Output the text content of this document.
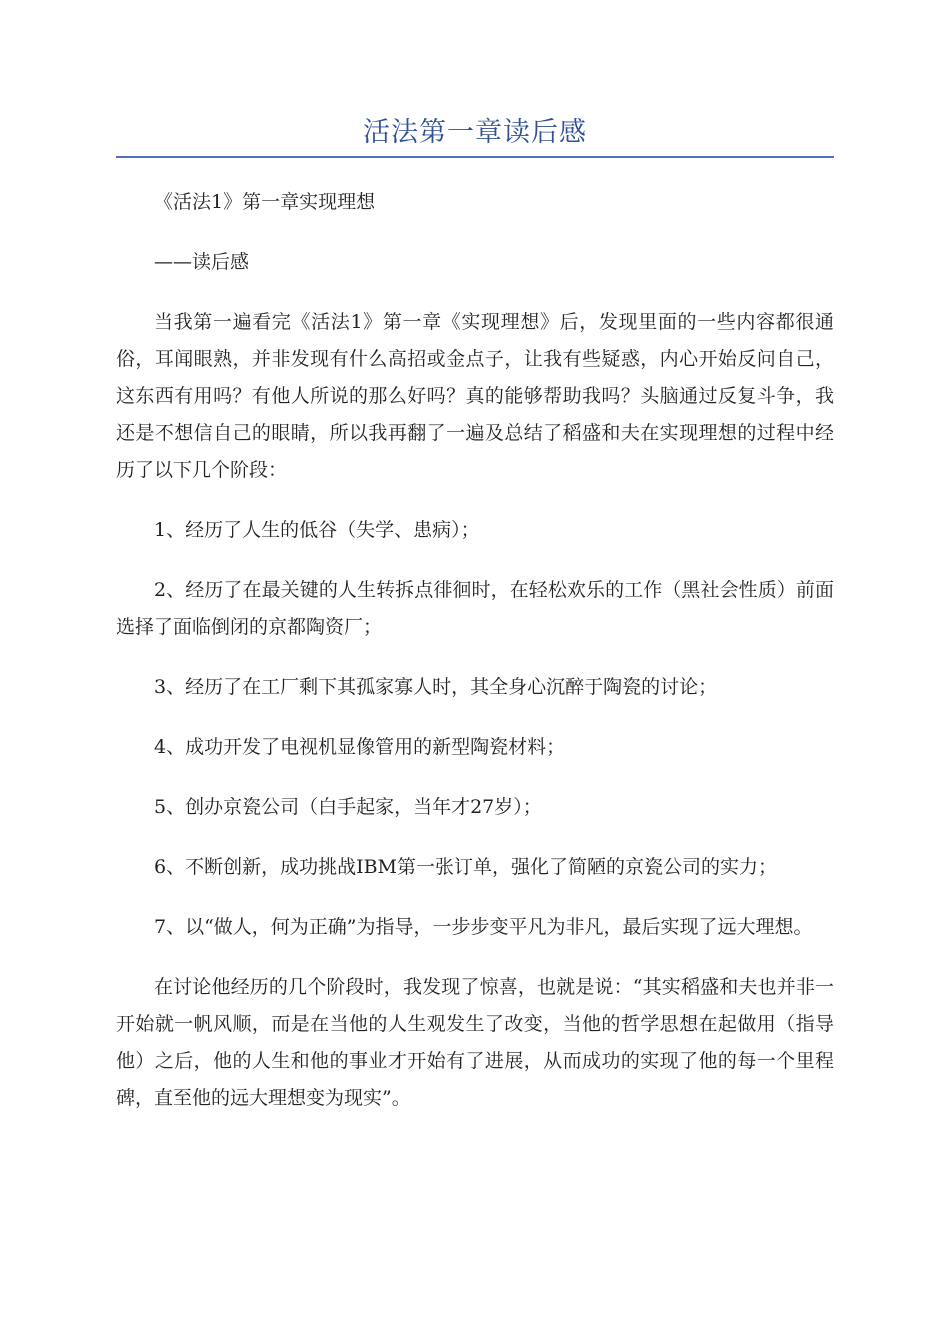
活法第一章读后感

《活法1》第一章实现理想

——读后感

当我第一遍看完《活法1》第一章《实现理想》后，发现里面的一些内容都很通俗，耳闻眼熟，并非发现有什么高招或金点子，让我有些疑惑，内心开始反问自己，这东西有用吗？有他人所说的那么好吗？真的能够帮助我吗？头脑通过反复斗争，我还是不想信自己的眼睛，所以我再翻了一遍及总结了稻盛和夫在实现理想的过程中经历了以下几个阶段：

1、经历了人生的低谷（失学、患病）；

2、经历了在最关键的人生转拆点徘徊时，在轻松欢乐的工作（黑社会性质）前面选择了面临倒闭的京都陶资厂；

3、经历了在工厂剩下其孤家寡人时，其全身心沉醉于陶瓷的讨论；

4、成功开发了电视机显像管用的新型陶瓷材料；

5、创办京瓷公司（白手起家，当年才27岁）；

6、不断创新，成功挑战IBM第一张订单，强化了简陋的京瓷公司的实力；

7、以“做人，何为正确”为指导，一步步变平凡为非凡，最后实现了远大理想。

在讨论他经历的几个阶段时，我发现了惊喜，也就是说：“其实稻盛和夫也并非一开始就一帆风顺，而是在当他的人生观发生了改变，当他的哲学思想在起做用（指导他）之后，他的人生和他的事业才开始有了进展，从而成功的实现了他的每一个里程碑，直至他的远大理想变为现实”。
